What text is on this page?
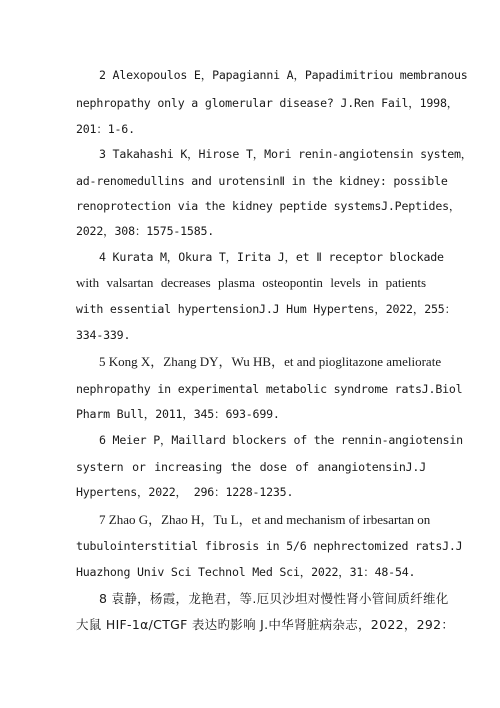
2 Alexopoulos E，Papagianni A，Papadimitriou membranous
nephropathy only a glomerular disease? J.Ren Fail，1998，
201：1-6.
3 Takahashi K，Hirose T，Mori renin-angiotensin system，
ad-renomedullins and urotensinⅡ in the kidney: possible
renoprotection via the kidney peptide systemsJ.Peptides，
2022，308：1575-1585.
4 Kurata M，Okura T，Irita J，et Ⅱ receptor blockade
with valsartan decreases plasma osteopontin levels in patients
with essential hypertensionJ.J Hum Hypertens，2022，255：
334-339.
5 Kong X，Zhang DY，Wu HB，et and pioglitazone ameliorate
nephropathy in experimental metabolic syndrome ratsJ.Biol
Pharm Bull，2011，345：693-699.
6 Meier P，Maillard blockers of the rennin-angiotensin
systern or increasing the dose of anangiotensinJ.J
Hypertens，2022， 296：1228-1235.
7 Zhao G，Zhao H，Tu L，et and mechanism of irbesartan on
tubulointerstitial fibrosis in 5/6 nephrectomized ratsJ.J
Huazhong Univ Sci Technol Med Sci，2022，31：48-54.
8 袁静，杨霞，龙艳君，等.厄贝沙坦对慢性肾小管间质纤维化
大鼠 HIF-1α/CTGF 表达旳影响 J.中华肾脏病杂志，2022，292：
